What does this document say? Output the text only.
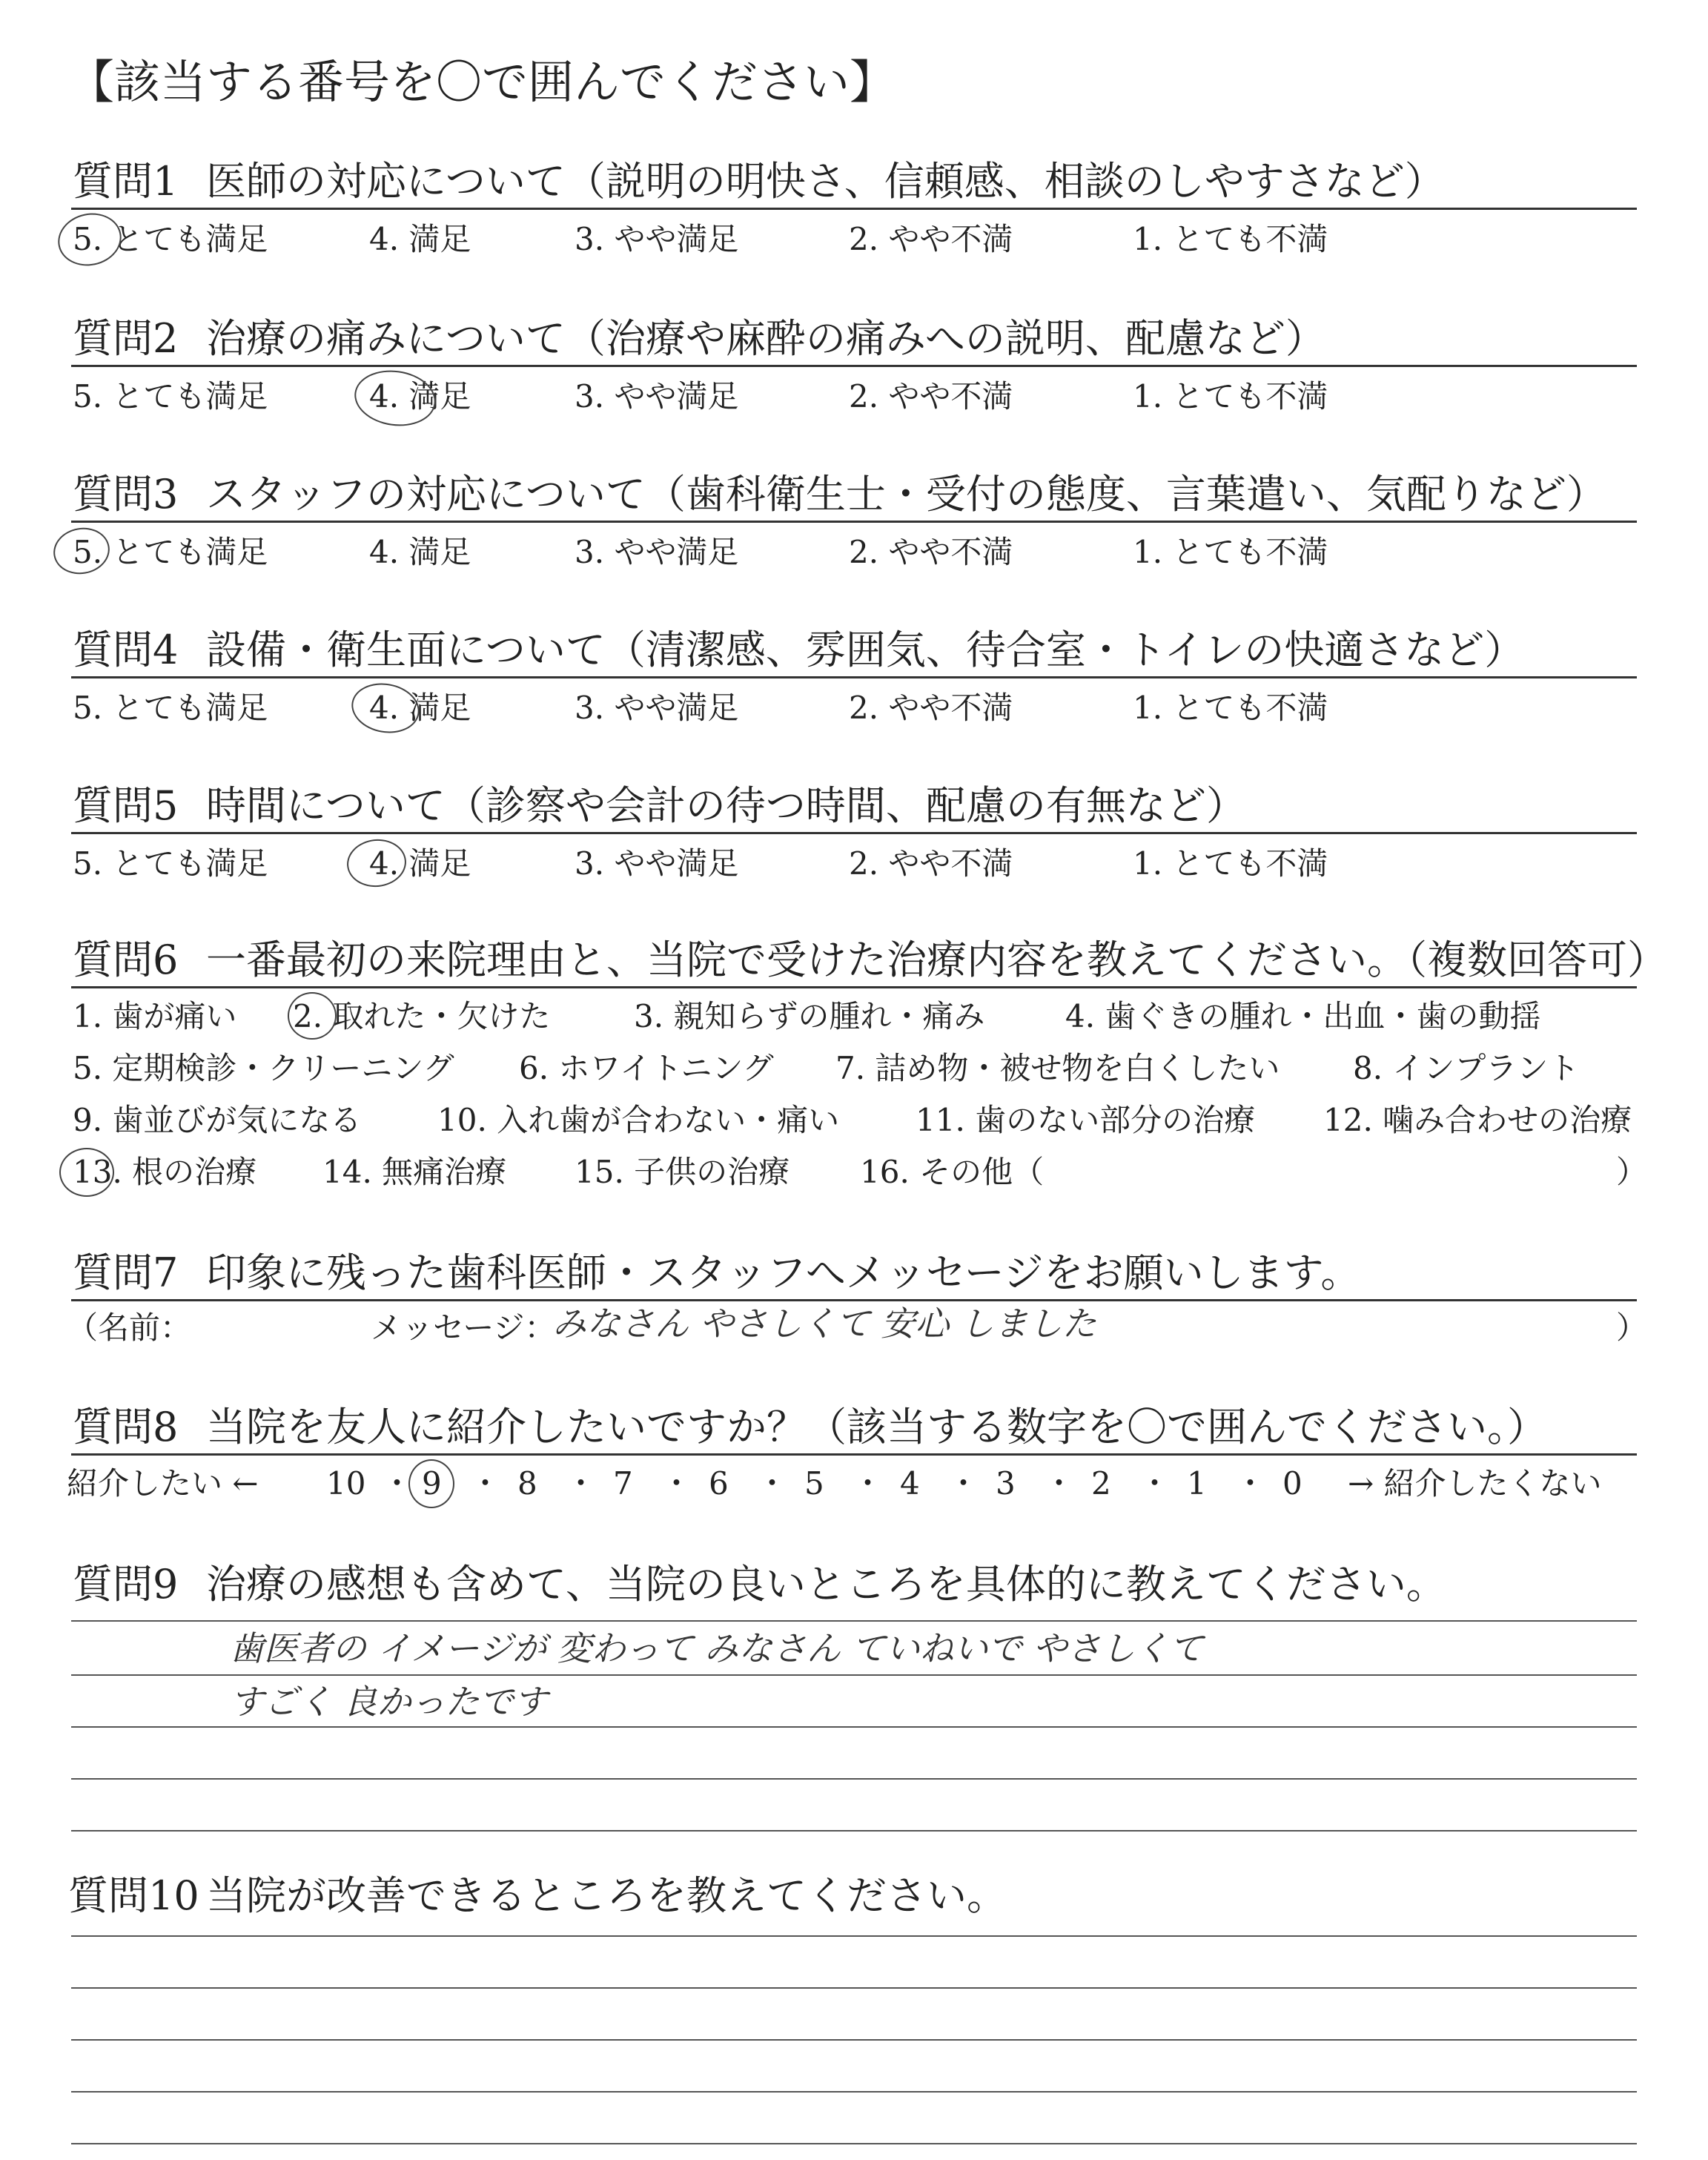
【該当する番号を〇で囲んでください】
質問1 医師の対応について（説明の明快さ、信頼感、相談のしやすさなど）
5. とても満足	4. 満足	3. やや満足	2. やや不満	1. とても不満
質問2 治療の痛みについて（治療や麻酔の痛みへの説明、配慮など）
5. とても満足	4. 満足	3. やや満足	2. やや不満	1. とても不満
質問3 スタッフの対応について（歯科衛生士・受付の態度、言葉遣い、気配りなど）
5. とても満足	4. 満足	3. やや満足	2. やや不満	1. とても不満
質問4 設備・衛生面について（清潔感、雰囲気、待合室・トイレの快適さなど）
5. とても満足	4. 満足	3. やや満足	2. やや不満	1. とても不満
質問5 時間について（診察や会計の待つ時間、配慮の有無など）
5. とても満足	4. 満足	3. やや満足	2. やや不満	1. とても不満
質問6 一番最初の来院理由と、当院で受けた治療内容を教えてください。（複数回答可）
1. 歯が痛い 2. 取れた・欠けた	3. 親知らずの腫れ・痛み	4. 歯ぐきの腫れ・出血・歯の動揺
5. 定期検診・クリーニング 6. ホワイトニング 7. 詰め物・被せ物を白くしたい 8. インプラント
9. 歯並びが気になる 10. 入れ歯が合わない・痛い 11. 歯のない部分の治療 12. 噛み合わせの治療
13. 根の治療 14. 無痛治療 15. 子供の治療 16. その他（	）
質問7 印象に残った歯科医師・スタッフへメッセージをお願いします。
（名前：	メッセージ：
みなさん やさしくて 安心 しました	）
質問8 当院を友人に紹介したいですか？（該当する数字を〇で囲んでください。）
紹介したい ← 10 ・ 9 ・ 8 ・ 7 ・ 6 ・ 5 ・ 4 ・ 3 ・ 2 ・ 1 ・ 0 → 紹介したくない
質問9 治療の感想も含めて、当院の良いところを具体的に教えてください。
歯医者の イメージが 変わって みなさん ていねいで やさしくて
すごく 良かったです
質問10 当院が改善できるところを教えてください。
